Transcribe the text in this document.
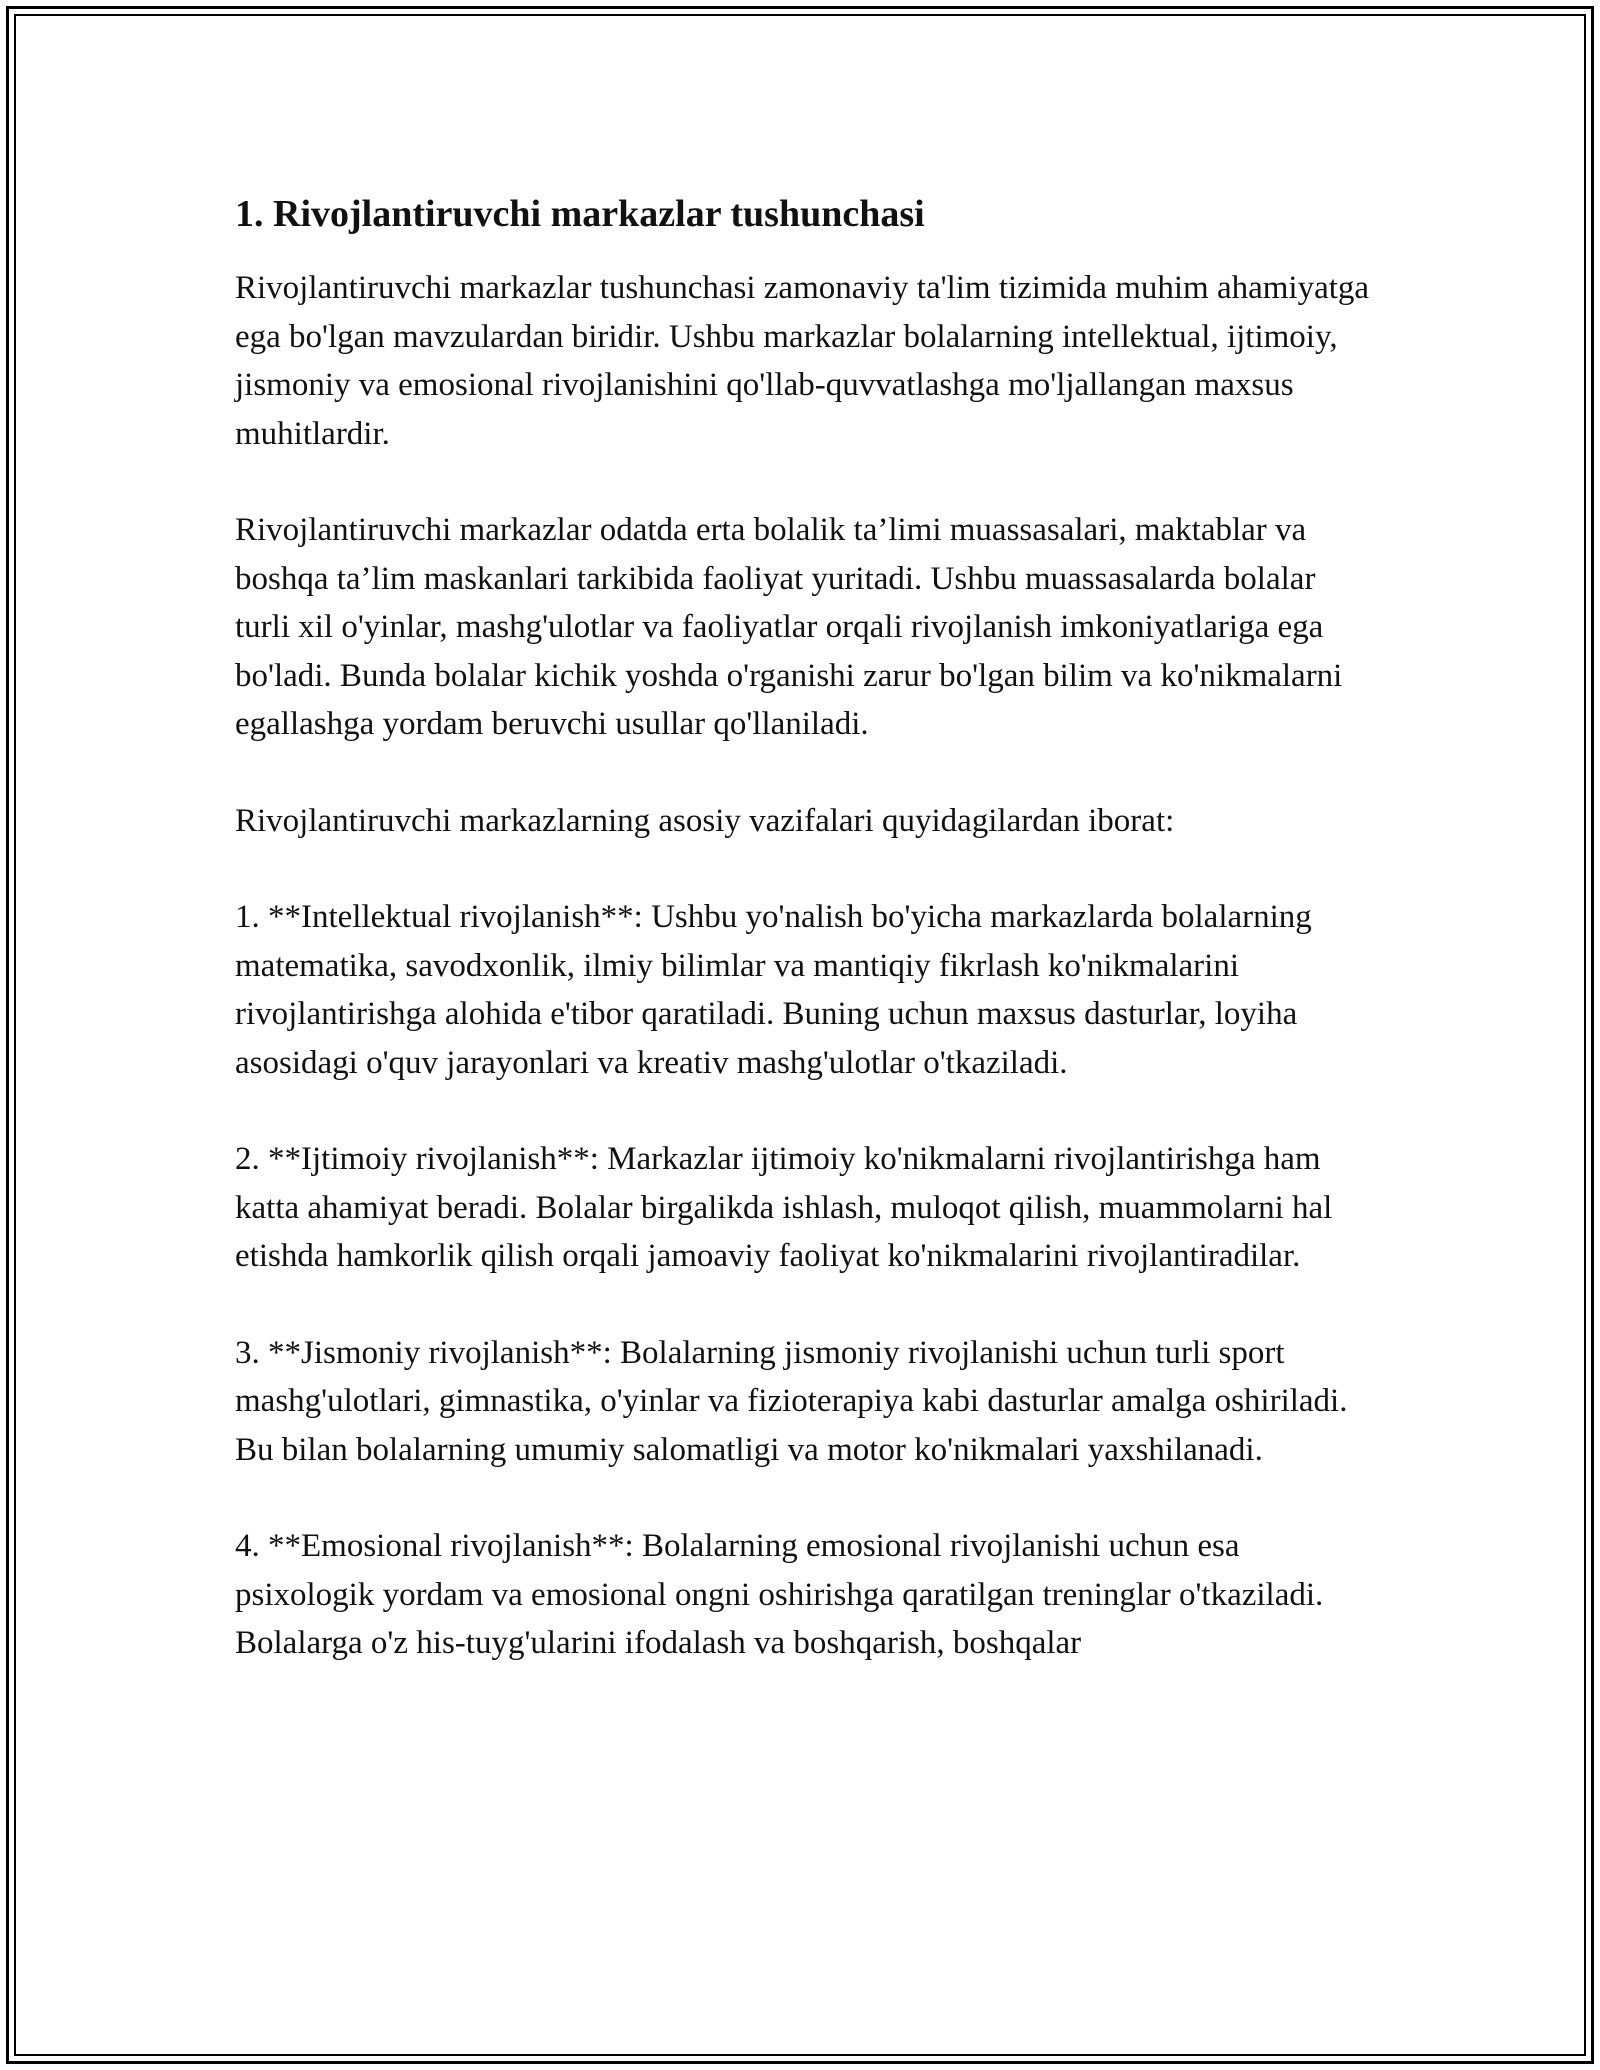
1. Rivojlantiruvchi markazlar tushunchasi

Rivojlantiruvchi markazlar tushunchasi zamonaviy ta'lim tizimida muhim ahamiyatga ega bo'lgan mavzulardan biridir. Ushbu markazlar bolalarning intellektual, ijtimoiy, jismoniy va emosional rivojlanishini qo'llab-quvvatlashga mo'ljallangan maxsus muhitlardir.

Rivojlantiruvchi markazlar odatda erta bolalik ta’limi muassasalari, maktablar va boshqa ta’lim maskanlari tarkibida faoliyat yuritadi. Ushbu muassasalarda bolalar turli xil o'yinlar, mashg'ulotlar va faoliyatlar orqali rivojlanish imkoniyatlariga ega bo'ladi. Bunda bolalar kichik yoshda o'rganishi zarur bo'lgan bilim va ko'nikmalarni egallashga yordam beruvchi usullar qo'llaniladi.

Rivojlantiruvchi markazlarning asosiy vazifalari quyidagilardan iborat:

1. **Intellektual rivojlanish**: Ushbu yo'nalish bo'yicha markazlarda bolalarning matematika, savodxonlik, ilmiy bilimlar va mantiqiy fikrlash ko'nikmalarini rivojlantirishga alohida e'tibor qaratiladi. Buning uchun maxsus dasturlar, loyiha asosidagi o'quv jarayonlari va kreativ mashg'ulotlar o'tkaziladi.

2. **Ijtimoiy rivojlanish**: Markazlar ijtimoiy ko'nikmalarni rivojlantirishga ham katta ahamiyat beradi. Bolalar birgalikda ishlash, muloqot qilish, muammolarni hal etishda hamkorlik qilish orqali jamoaviy faoliyat ko'nikmalarini rivojlantiradilar.

3. **Jismoniy rivojlanish**: Bolalarning jismoniy rivojlanishi uchun turli sport mashg'ulotlari, gimnastika, o'yinlar va fizioterapiya kabi dasturlar amalga oshiriladi. Bu bilan bolalarning umumiy salomatligi va motor ko'nikmalari yaxshilanadi.

4. **Emosional rivojlanish**: Bolalarning emosional rivojlanishi uchun esa psixologik yordam va emosional ongni oshirishga qaratilgan treninglar o'tkaziladi. Bolalarga o'z his-tuyg'ularini ifodalash va boshqarish, boshqalar
